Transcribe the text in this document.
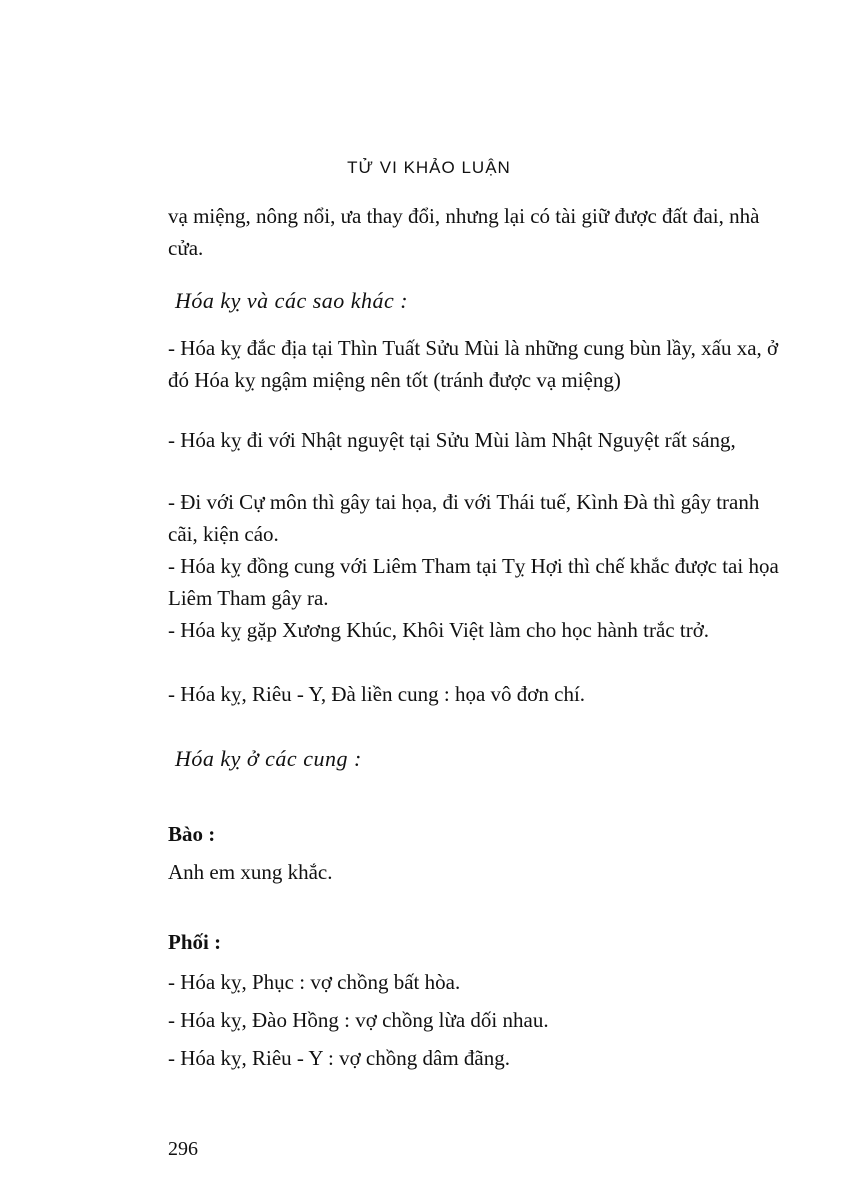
TỬ VI KHẢO LUẬN

vạ miệng, nông nổi, ưa thay đổi, nhưng lại có tài giữ được đất đai, nhà cửa.

Hóa kỵ và các sao khác :

- Hóa kỵ đắc địa tại Thìn Tuất Sửu Mùi là những cung bùn lầy, xấu xa, ở đó Hóa kỵ ngậm miệng nên tốt (tránh được vạ miệng)

- Hóa kỵ đi với Nhật nguyệt tại Sửu Mùi làm Nhật Nguyệt rất sáng,

- Đi với Cự môn thì gây tai họa, đi với Thái tuế, Kình Đà thì gây tranh cãi, kiện cáo.

- Hóa kỵ đồng cung với Liêm Tham tại Tỵ Hợi thì chế khắc được tai họa Liêm Tham gây ra.

- Hóa kỵ gặp Xương Khúc, Khôi Việt làm cho học hành trắc trở.

- Hóa kỵ, Riêu - Y, Đà liền cung : họa vô đơn chí.

Hóa kỵ ở các cung :
Bào :

Anh em xung khắc.

Phối :

- Hóa kỵ, Phục : vợ chồng bất hòa.

- Hóa kỵ, Đào Hồng : vợ chồng lừa dối nhau.

- Hóa kỵ, Riêu - Y : vợ chồng dâm đãng.

296
